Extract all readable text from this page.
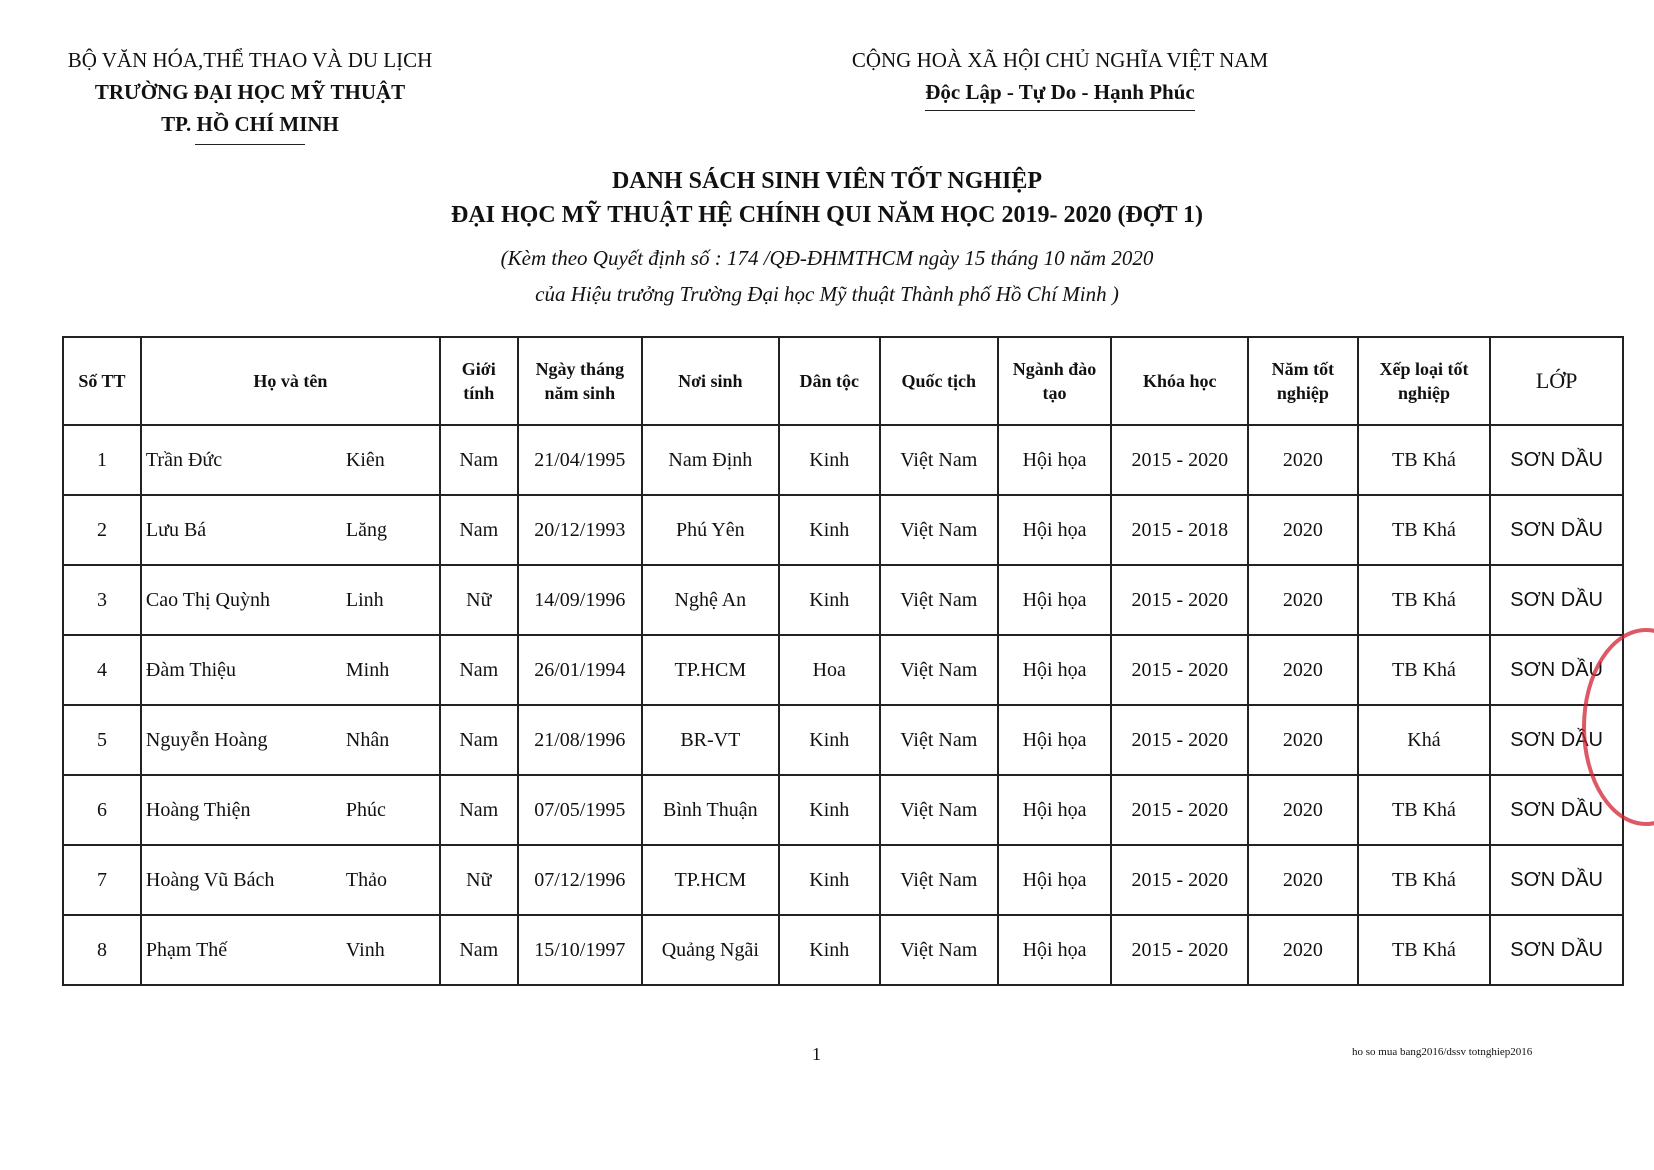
BỘ VĂN HÓA,THỂ THAO VÀ DU LỊCH
TRƯỜNG ĐẠI HỌC MỸ THUẬT
TP. HỒ CHÍ MINH
CỘNG HOÀ XÃ HỘI CHỦ NGHĨA VIỆT NAM
Độc Lập - Tự Do - Hạnh Phúc
DANH SÁCH SINH VIÊN TỐT NGHIỆP
ĐẠI HỌC MỸ THUẬT HỆ CHÍNH QUI NĂM HỌC 2019- 2020 (ĐỢT 1)
(Kèm theo Quyết định số : 174 /QĐ-ĐHMTHCM ngày 15 tháng 10 năm 2020
của Hiệu trưởng Trường Đại học Mỹ thuật Thành phố Hồ Chí Minh )
Số TT	Họ và tên	Giới tính	Ngày tháng năm sinh	Nơi sinh	Dân tộc	Quốc tịch	Ngành đào tạo	Khóa học	Năm tốt nghiệp	Xếp loại tốt nghiệp	LỚP
1	Trần Đức Kiên	Nam	21/04/1995	Nam Định	Kinh	Việt Nam	Hội họa	2015 - 2020	2020	TB Khá	SƠN DẦU
2	Lưu Bá Lăng	Nam	20/12/1993	Phú Yên	Kinh	Việt Nam	Hội họa	2015 - 2018	2020	TB Khá	SƠN DẦU
3	Cao Thị Quỳnh Linh	Nữ	14/09/1996	Nghệ An	Kinh	Việt Nam	Hội họa	2015 - 2020	2020	TB Khá	SƠN DẦU
4	Đàm Thiệu Minh	Nam	26/01/1994	TP.HCM	Hoa	Việt Nam	Hội họa	2015 - 2020	2020	TB Khá	SƠN DẦU
5	Nguyễn Hoàng Nhân	Nam	21/08/1996	BR-VT	Kinh	Việt Nam	Hội họa	2015 - 2020	2020	Khá	SƠN DẦU
6	Hoàng Thiện Phúc	Nam	07/05/1995	Bình Thuận	Kinh	Việt Nam	Hội họa	2015 - 2020	2020	TB Khá	SƠN DẦU
7	Hoàng Vũ Bách Thảo	Nữ	07/12/1996	TP.HCM	Kinh	Việt Nam	Hội họa	2015 - 2020	2020	TB Khá	SƠN DẦU
8	Phạm Thế Vinh	Nam	15/10/1997	Quảng Ngãi	Kinh	Việt Nam	Hội họa	2015 - 2020	2020	TB Khá	SƠN DẦU
1	ho so mua bang2016/dssv totnghiep2016
